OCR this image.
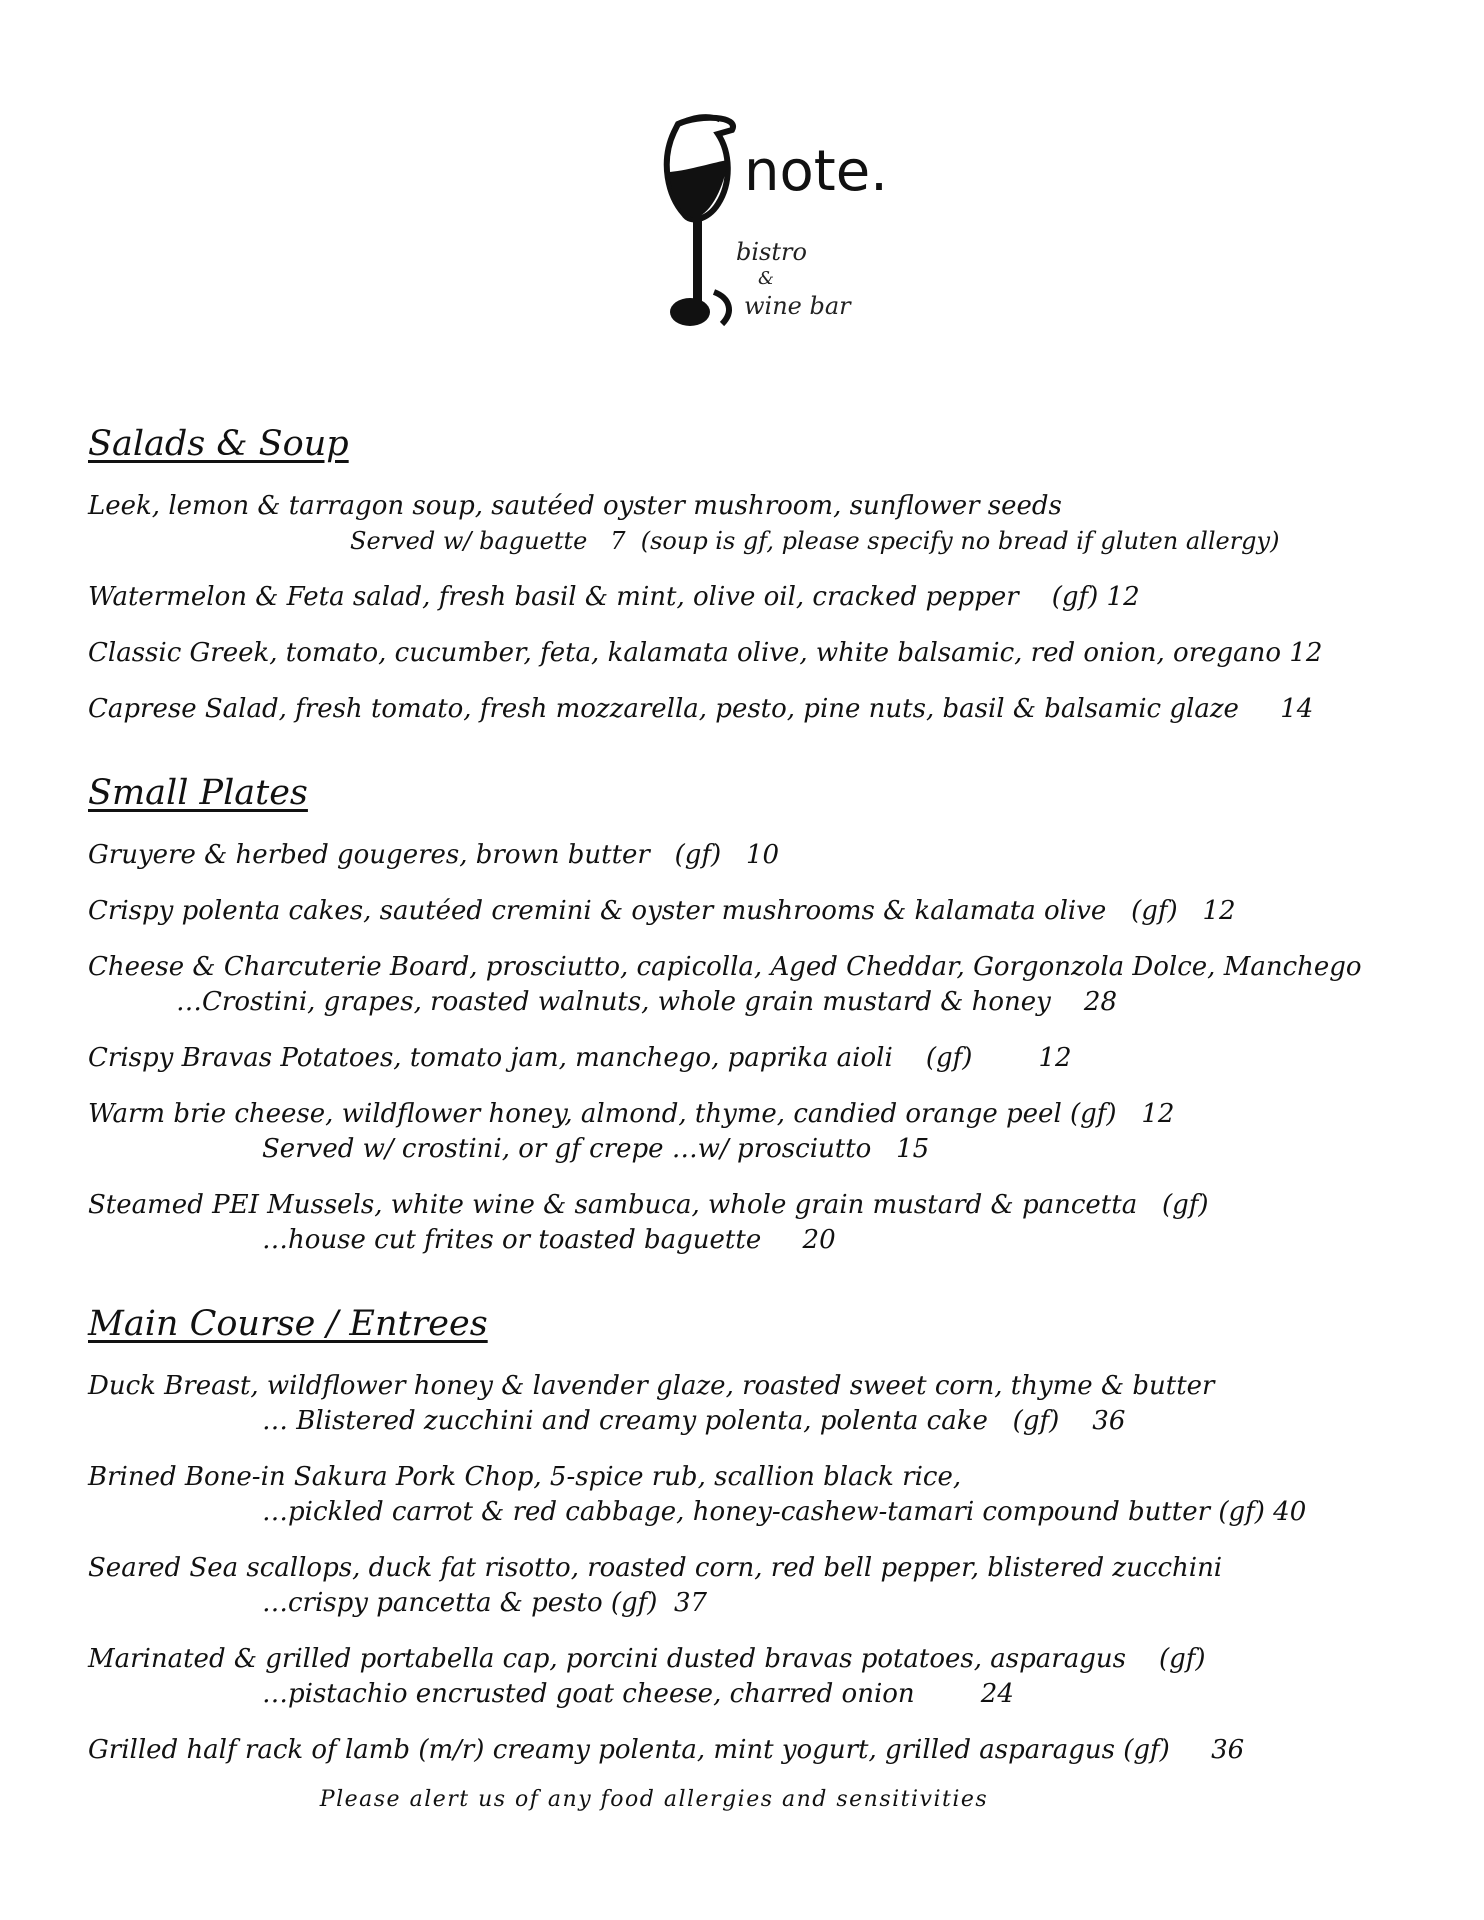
note.
bistro
&
wine bar
Salads & Soup

Leek, lemon & tarragon soup, sautéed oyster mushroom, sunflower seeds
Served w/ baguette   7  (soup is gf, please specify no bread if gluten allergy)

Watermelon & Feta salad, fresh basil & mint, olive oil, cracked pepper    (gf) 12

Classic Greek, tomato, cucumber, feta, kalamata olive, white balsamic, red onion, oregano 12

Caprese Salad, fresh tomato, fresh mozzarella, pesto, pine nuts, basil & balsamic glaze     14

Small Plates

Gruyere & herbed gougeres, brown butter   (gf)   10

Crispy polenta cakes, sautéed cremini & oyster mushrooms & kalamata olive   (gf)   12

Cheese & Charcuterie Board, prosciutto, capicolla, Aged Cheddar, Gorgonzola Dolce, Manchego
…Crostini, grapes, roasted walnuts, whole grain mustard & honey    28

Crispy Bravas Potatoes, tomato jam, manchego, paprika aioli    (gf)        12

Warm brie cheese, wildflower honey, almond, thyme, candied orange peel (gf)   12
Served w/ crostini, or gf crepe …w/ prosciutto   15

Steamed PEI Mussels, white wine & sambuca, whole grain mustard & pancetta   (gf)
…house cut frites or toasted baguette     20

Main Course / Entrees

Duck Breast, wildflower honey & lavender glaze, roasted sweet corn, thyme & butter
… Blistered zucchini and creamy polenta, polenta cake   (gf)    36

Brined Bone-in Sakura Pork Chop, 5-spice rub, scallion black rice,
…pickled carrot & red cabbage, honey-cashew-tamari compound butter (gf) 40

Seared Sea scallops, duck fat risotto, roasted corn, red bell pepper, blistered zucchini
…crispy pancetta & pesto (gf)  37

Marinated & grilled portabella cap, porcini dusted bravas potatoes, asparagus    (gf)
…pistachio encrusted goat cheese, charred onion        24

Grilled half rack of lamb (m/r) creamy polenta, mint yogurt, grilled asparagus (gf)     36

Please alert us of any food allergies and sensitivities
